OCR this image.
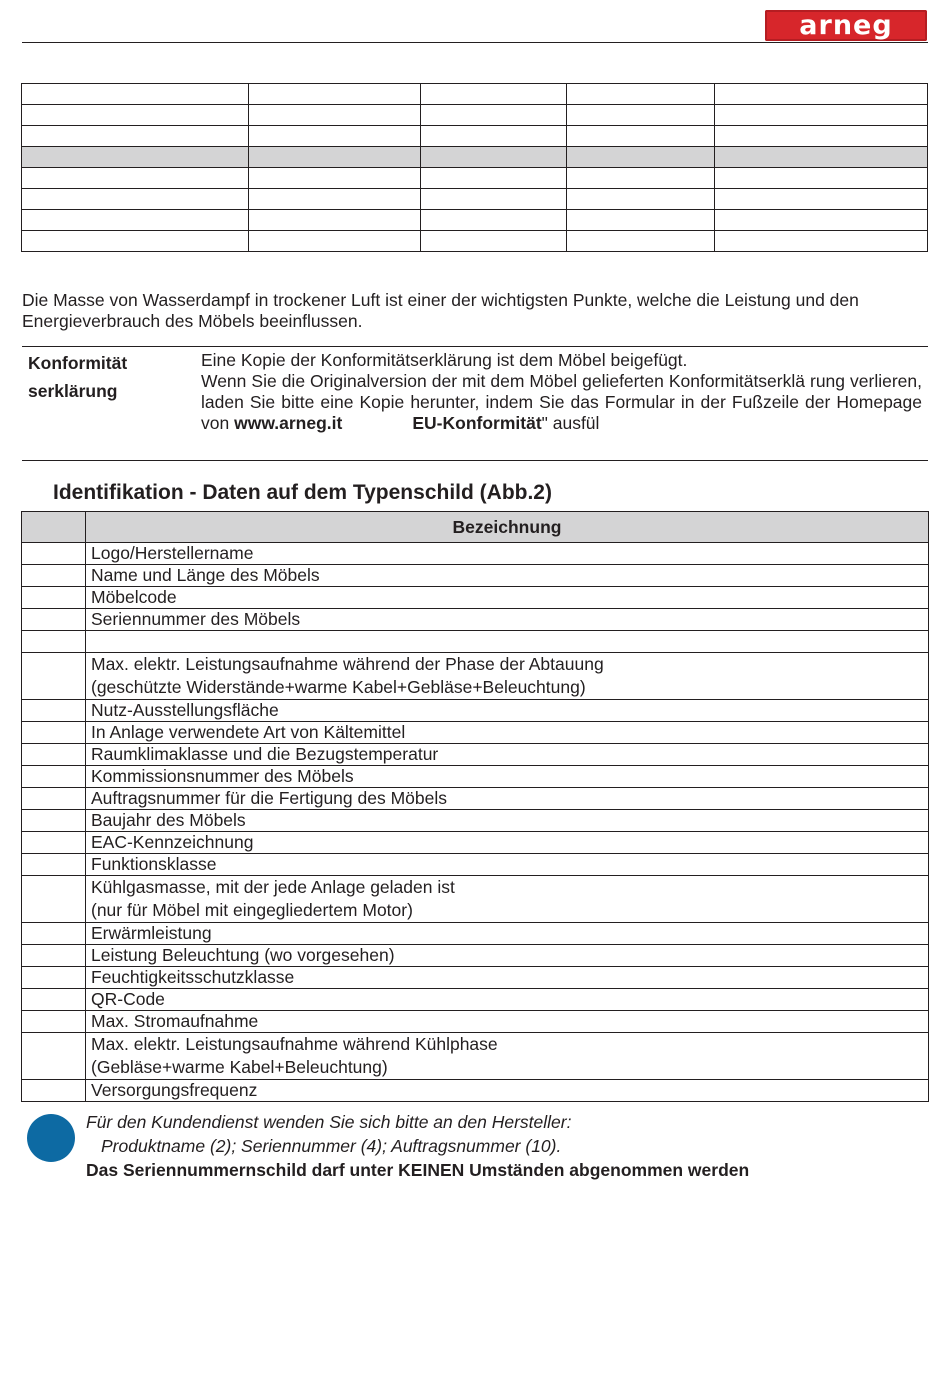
arneg

Die Masse von Wasserdampf in trockener Luft ist einer der wichtigsten Punkte, welche die Leistung und den Energieverbrauch des Möbels beeinflussen.
Konformität
serklärung

Eine Kopie der Konformitätserklärung ist dem Möbel beigefügt.

Wenn Sie die Originalversion der mit dem Möbel gelieferten Konformitätserklä rung verlieren, laden Sie bitte eine Kopie herunter, indem Sie das Formular in der Fußzeile der Homepage von www.arneg.it	EU-Konformität" ausfül

Identifikation - Daten auf dem Typenschild (Abb.2)
	Bezeichnung

	Logo/Herstellername

	Name und Länge des Möbels

	Möbelcode

	Seriennummer des Möbels

	Max. elektr. Leistungsaufnahme während der Phase der Abtauung
(geschützte Widerstände+warme Kabel+Gebläse+Beleuchtung)

	Nutz-Ausstellungsfläche

	In Anlage verwendete Art von Kältemittel

	Raumklimaklasse und die Bezugstemperatur

	Kommissionsnummer des Möbels

	Auftragsnummer für die Fertigung des Möbels

	Baujahr des Möbels

	EAC-Kennzeichnung

	Funktionsklasse

	Kühlgasmasse, mit der jede Anlage geladen ist
(nur für Möbel mit eingegliedertem Motor)

	Erwärmleistung

	Leistung Beleuchtung (wo vorgesehen)

	Feuchtigkeitsschutzklasse

	QR-Code

	Max. Stromaufnahme

	Max. elektr. Leistungsaufnahme während Kühlphase
(Gebläse+warme Kabel+Beleuchtung)

	Versorgungsfrequenz

Für den Kundendienst wenden Sie sich bitte an den Hersteller:

Produktname (2); Seriennummer (4); Auftragsnummer (10).

Das Seriennummernschild darf unter KEINEN Umständen abgenommen werden
